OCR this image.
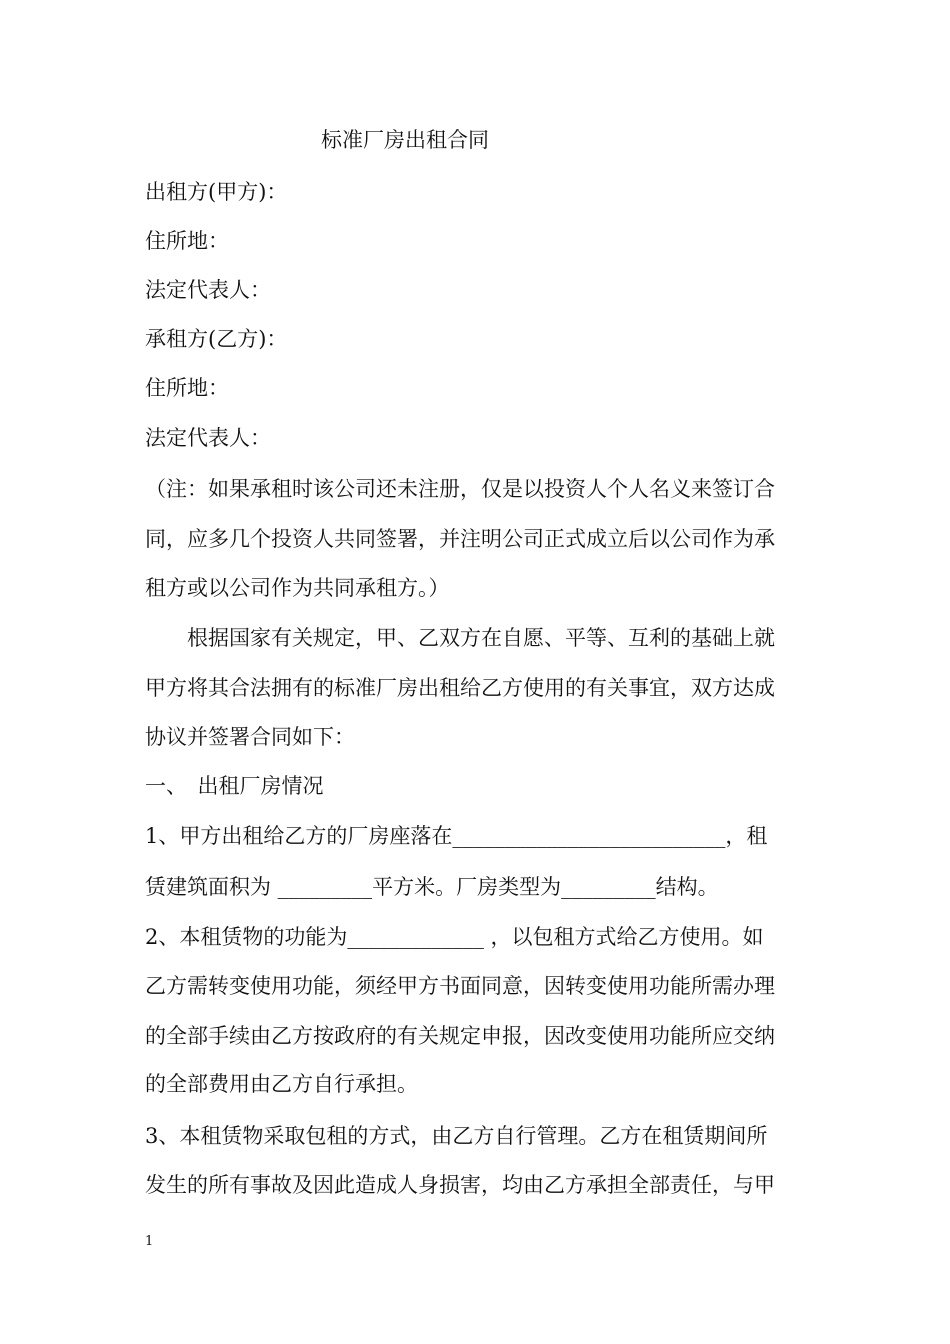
标准厂房出租合同
出租方(甲方)：
住所地：
法定代表人：
承租方(乙方)：
住所地：
法定代表人：
（注：如果承租时该公司还未注册，仅是以投资人个人名义来签订合
同，应多几个投资人共同签署，并注明公司正式成立后以公司作为承
租方或以公司作为共同承租方。）
　　根据国家有关规定，甲、乙双方在自愿、平等、互利的基础上就
甲方将其合法拥有的标准厂房出租给乙方使用的有关事宜，双方达成
协议并签署合同如下：
一、　出租厂房情况
1、甲方出租给乙方的厂房座落在__________________________，租
赁建筑面积为 _________平方米。厂房类型为_________结构。
2、本租赁物的功能为_____________ ，以包租方式给乙方使用。如
乙方需转变使用功能，须经甲方书面同意，因转变使用功能所需办理
的全部手续由乙方按政府的有关规定申报，因改变使用功能所应交纳
的全部费用由乙方自行承担。
3、本租赁物采取包租的方式，由乙方自行管理。乙方在租赁期间所
发生的所有事故及因此造成人身损害，均由乙方承担全部责任，与甲
1
